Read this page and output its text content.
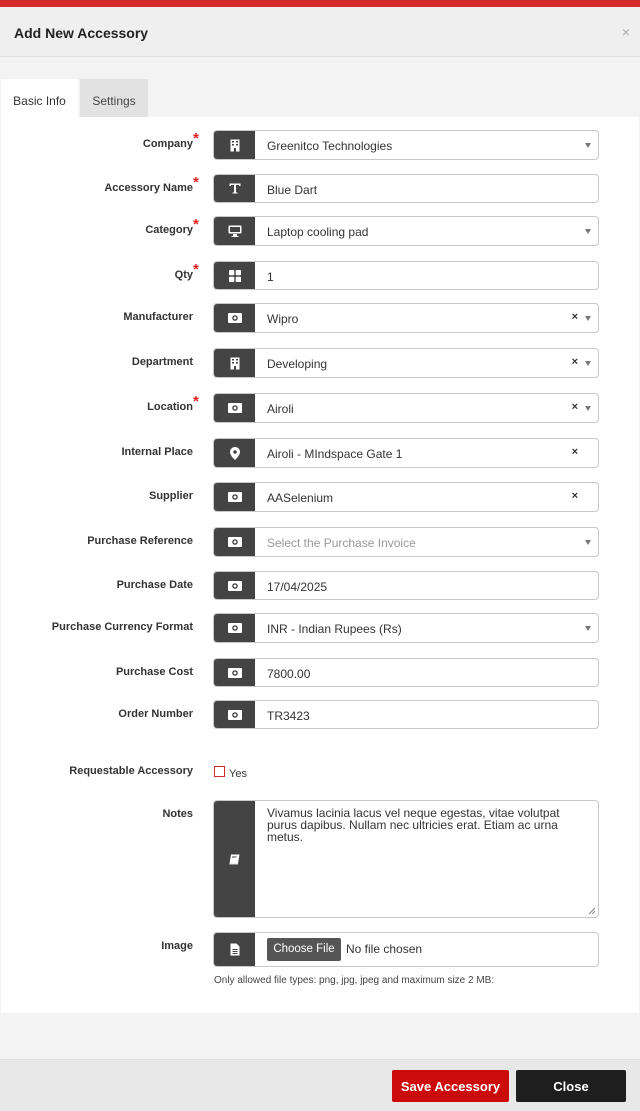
Add New Accessory	×
Basic Info	Settings
Company *	Greenitco Technologies
Accessory Name *	Blue Dart
Category *	Laptop cooling pad
Qty *	1
Manufacturer	Wipro	×
Department	Developing	×
Location *	Airoli	×
Internal Place	Airoli - MIndspace Gate 1	×
Supplier	AASelenium	×
Purchase Reference	Select the Purchase Invoice
Purchase Date	17/04/2025
Purchase Currency Format	INR - Indian Rupees (Rs)
Purchase Cost	7800.00
Order Number	TR3423
Requestable Accessory	Yes
Notes	Vivamus lacinia lacus vel neque egestas, vitae volutpat purus dapibus. Nullam nec ultricies erat. Etiam ac urna metus.
Image	Choose File No file chosen
Only allowed file types: png, jpg, jpeg and maximum size 2 MB:
Save Accessory	Close
